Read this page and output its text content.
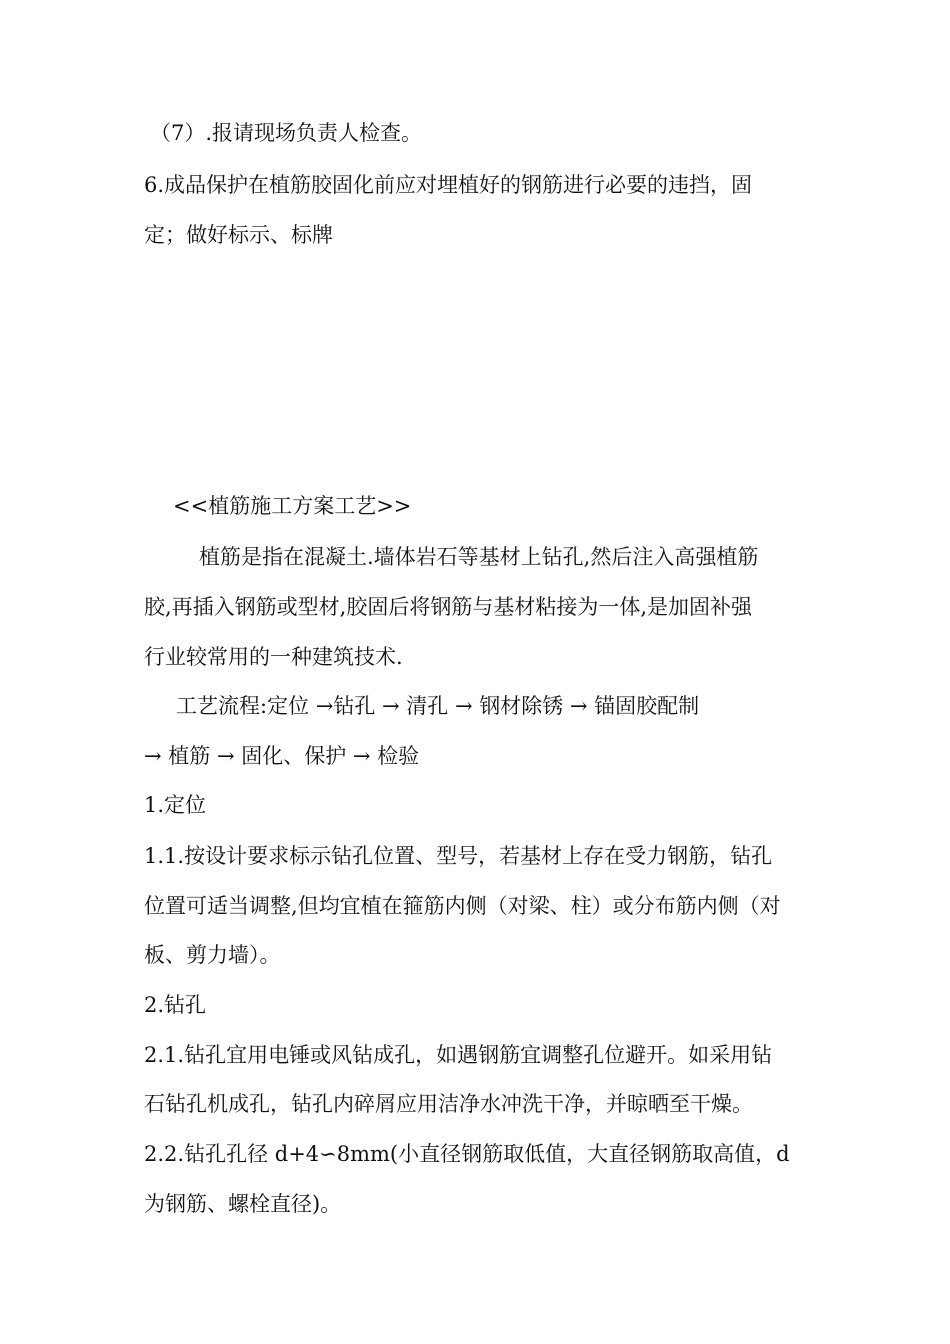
（7）.报请现场负责人检查。
6.成品保护在植筋胶固化前应对埋植好的钢筋进行必要的违挡，固
定；做好标示、标牌
<<植筋施工方案工艺>>
植筋是指在混凝土.墙体岩石等基材上钻孔,然后注入高强植筋
胶,再插入钢筋或型材,胶固后将钢筋与基材粘接为一体,是加固补强
行业较常用的一种建筑技术.
工艺流程:定位 →钻孔 → 清孔 → 钢材除锈 → 锚固胶配制
→ 植筋 → 固化、保护 → 检验
1.定位
1.1.按设计要求标示钻孔位置、型号，若基材上存在受力钢筋，钻孔
位置可适当调整,但均宜植在箍筋内侧（对梁、柱）或分布筋内侧（对
板、剪力墙）。
2.钻孔
2.1.钻孔宜用电锤或风钻成孔，如遇钢筋宜调整孔位避开。如采用钻
石钻孔机成孔，钻孔内碎屑应用洁净水冲洗干净，并晾晒至干燥。
2.2.钻孔孔径 d+4∽8mm(小直径钢筋取低值，大直径钢筋取高值，d
为钢筋、螺栓直径)。
